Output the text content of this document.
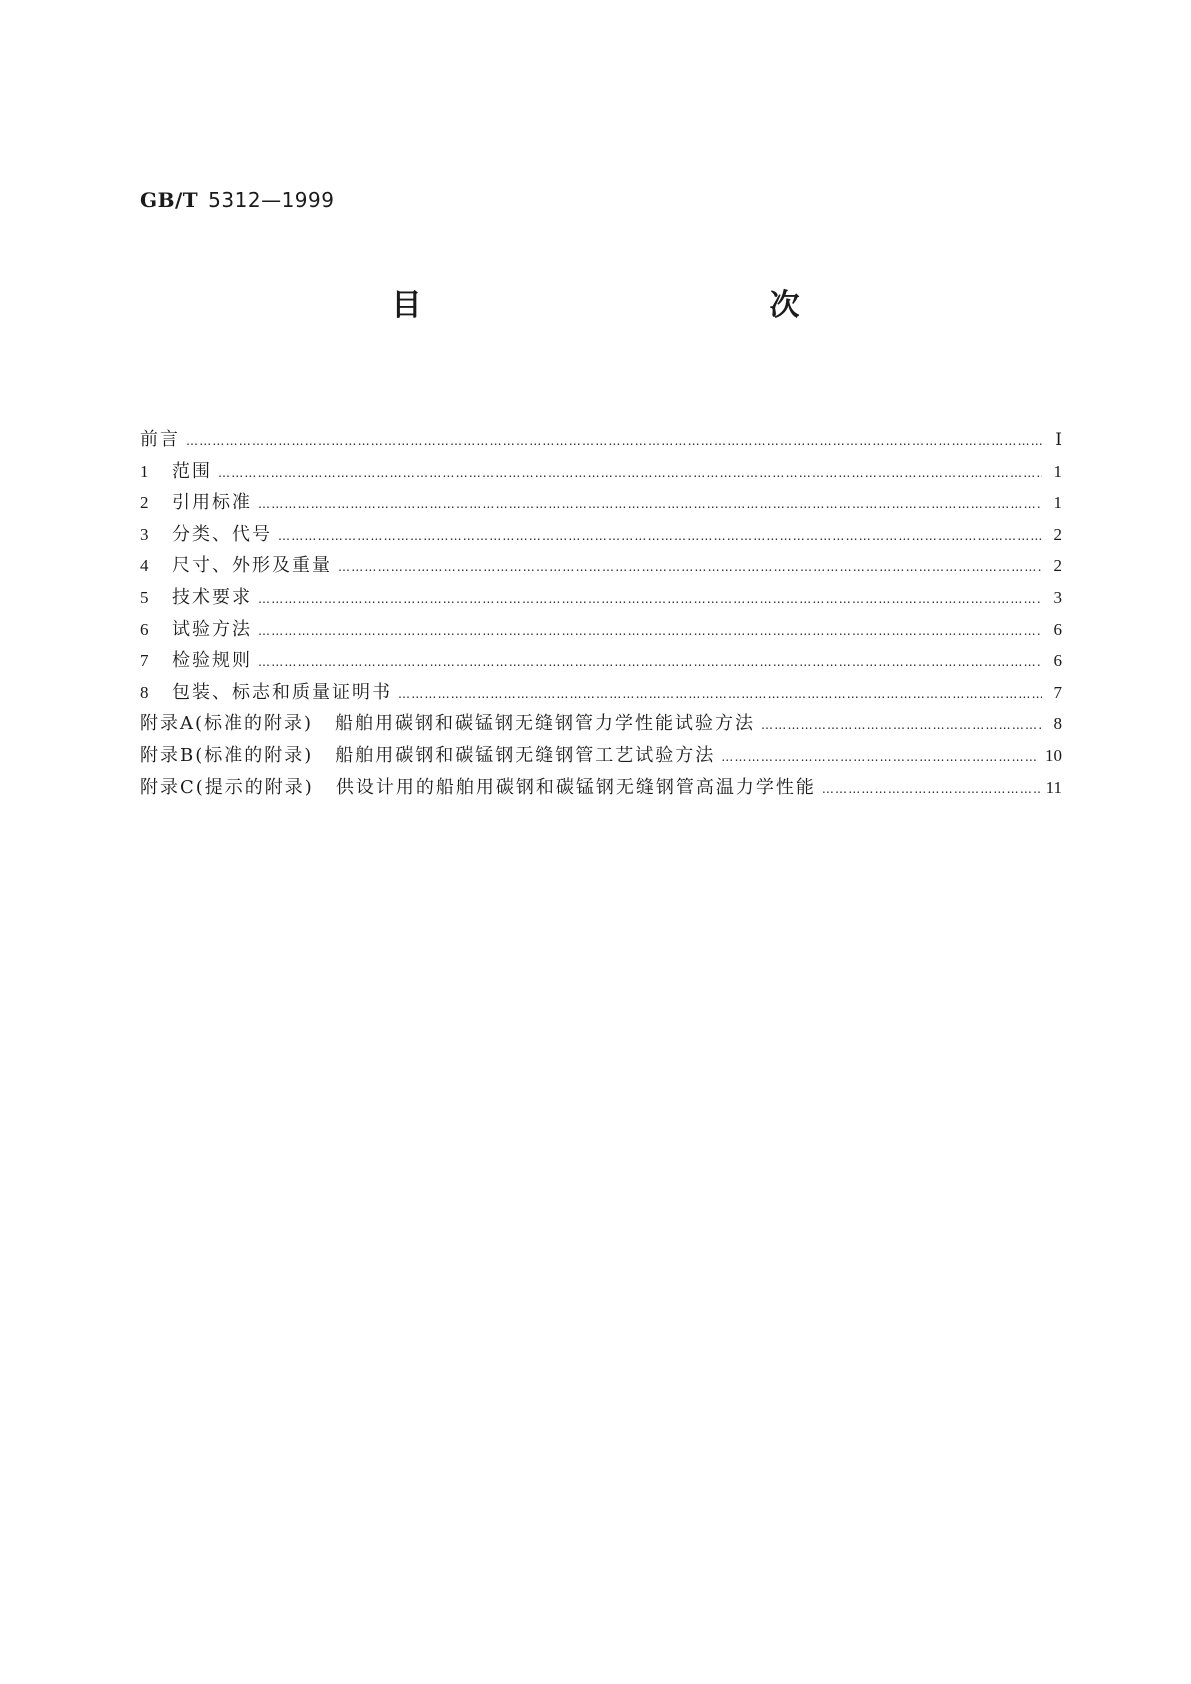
GB/T 5312—1999
目　　次
前言 …………………………………………………………………………………………………………………………………………………………………………………………………………………………………………………	Ⅰ
1	范围 …………………………………………………………………………………………………………………………………………………………………………………………………………………………………………………	1
2	引用标准 …………………………………………………………………………………………………………………………………………………………………………………………………………………………………………………	1
3	分类、代号 …………………………………………………………………………………………………………………………………………………………………………………………………………………………………………………	2
4	尺寸、外形及重量 …………………………………………………………………………………………………………………………………………………………………………………………………………………………………………………	2
5	技术要求 …………………………………………………………………………………………………………………………………………………………………………………………………………………………………………………	3
6	试验方法 …………………………………………………………………………………………………………………………………………………………………………………………………………………………………………………	6
7	检验规则 …………………………………………………………………………………………………………………………………………………………………………………………………………………………………………………	6
8	包装、标志和质量证明书 …………………………………………………………………………………………………………………………………………………………………………………………………………………………………………………	7
附录A(标准的附录) 船舶用碳钢和碳锰钢无缝钢管力学性能试验方法 …………………………………………………………………………………………………………………………………………………………………………………………………………………………………………………	8
附录B(标准的附录) 船舶用碳钢和碳锰钢无缝钢管工艺试验方法 …………………………………………………………………………………………………………………………………………………………………………………………………………………………………………………	10
附录C(提示的附录) 供设计用的船舶用碳钢和碳锰钢无缝钢管高温力学性能 …………………………………………………………………………………………………………………………………………………………………………………………………………………………………………………	11
